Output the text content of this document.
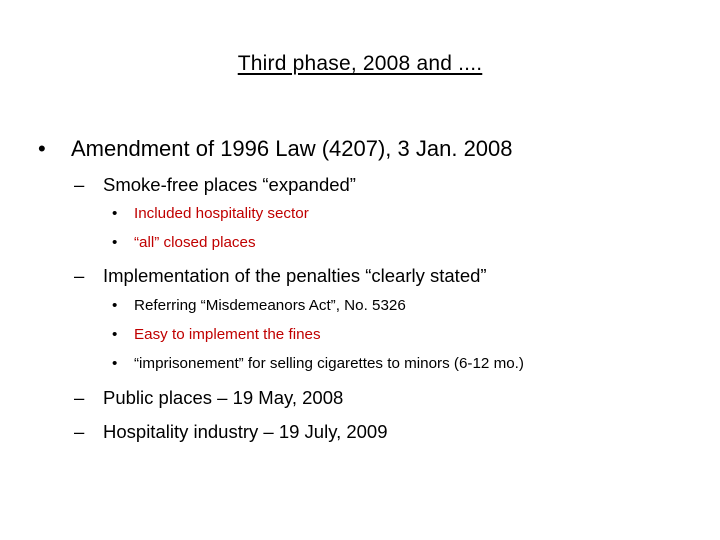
Third phase, 2008 and ....
•	Amendment of 1996 Law (4207), 3 Jan. 2008
–	Smoke-free places “expanded”
•	Included hospitality sector
•	“all” closed places
–	Implementation of the penalties “clearly stated”
•	Referring “Misdemeanors Act”, No. 5326
•	Easy to implement the fines
•	“imprisonement” for selling cigarettes to minors (6-12 mo.)
–	Public places – 19 May, 2008
–	Hospitality industry – 19 July, 2009
